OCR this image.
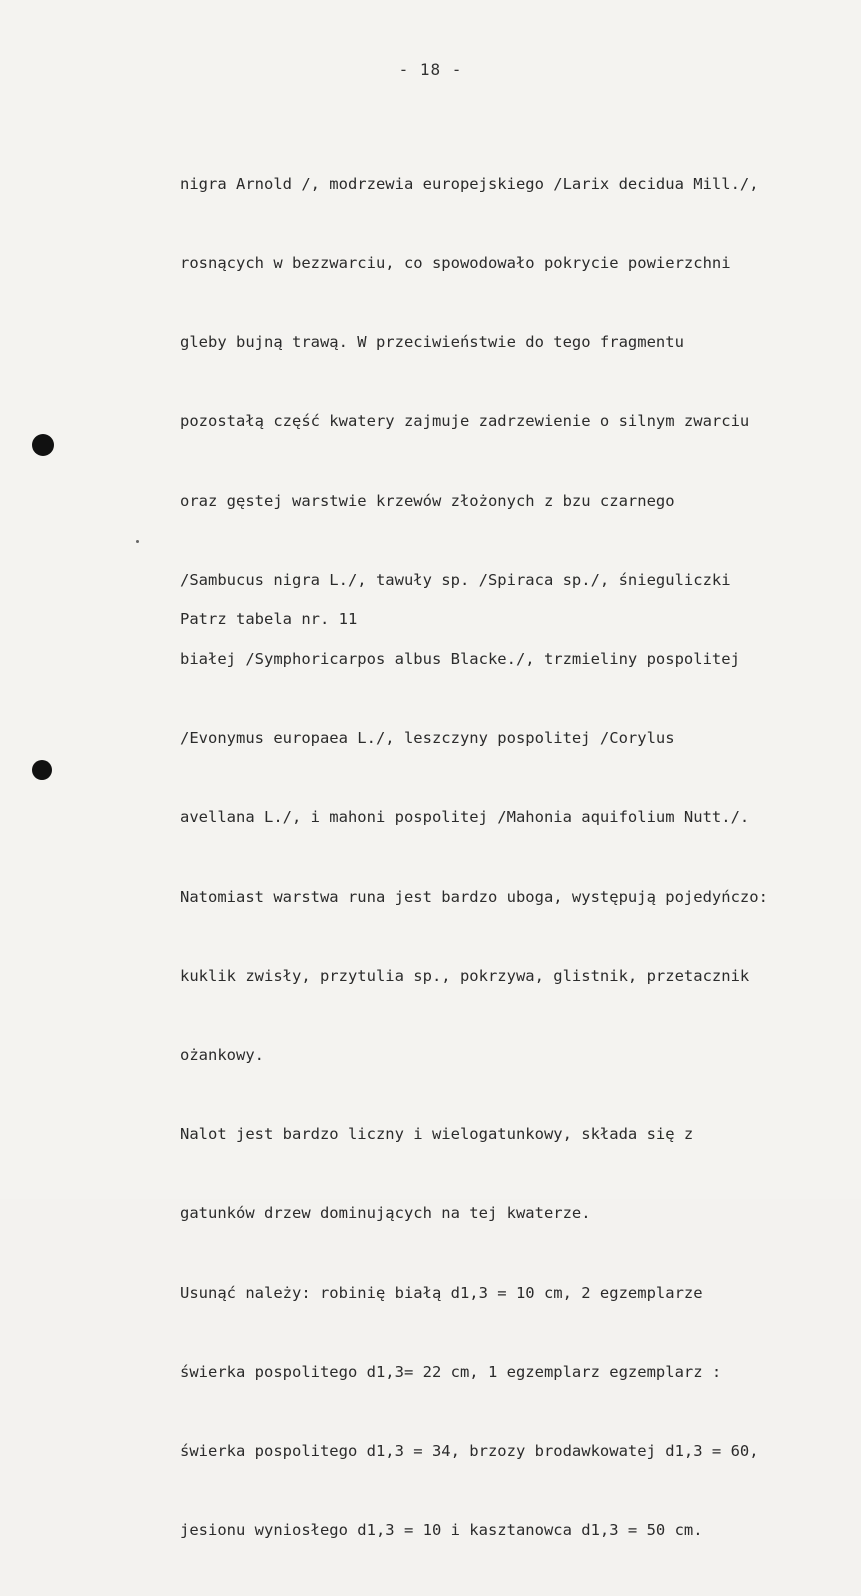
- 18 -

nigra Arnold /, modrzewia europejskiego /Larix decidua Mill./,

rosnących w bezzwarciu, co spowodowało pokrycie powierzchni

gleby bujną trawą. W przeciwieństwie do tego fragmentu

pozostałą część kwatery zajmuje zadrzewienie o silnym zwarciu

oraz gęstej warstwie krzewów złożonych z bzu czarnego

/Sambucus nigra L./, tawuły sp. /Spiraca sp./, śnieguliczki

białej /Symphoricarpos albus Blacke./, trzmieliny pospolitej

/Evonymus europaea L./, leszczyny pospolitej /Corylus

avellana L./, i mahoni pospolitej /Mahonia aquifolium Nutt./.

Natomiast warstwa runa jest bardzo uboga, występują pojedyńczo:

kuklik zwisły, przytulia sp., pokrzywa, glistnik, przetacznik

ożankowy.

Nalot jest bardzo liczny i wielogatunkowy, składa się z

gatunków drzew dominujących na tej kwaterze.

Usunąć należy: robinię białą d1,3 = 10 cm, 2 egzemplarze

świerka pospolitego d1,3= 22 cm, 1 egzemplarz egzemplarz :

świerka pospolitego d1,3 = 34, brzozy brodawkowatej d1,3 = 60,

jesionu wyniosłego d1,3 = 10 i kasztanowca d1,3 = 50 cm.

Patrz tabela nr. 11
